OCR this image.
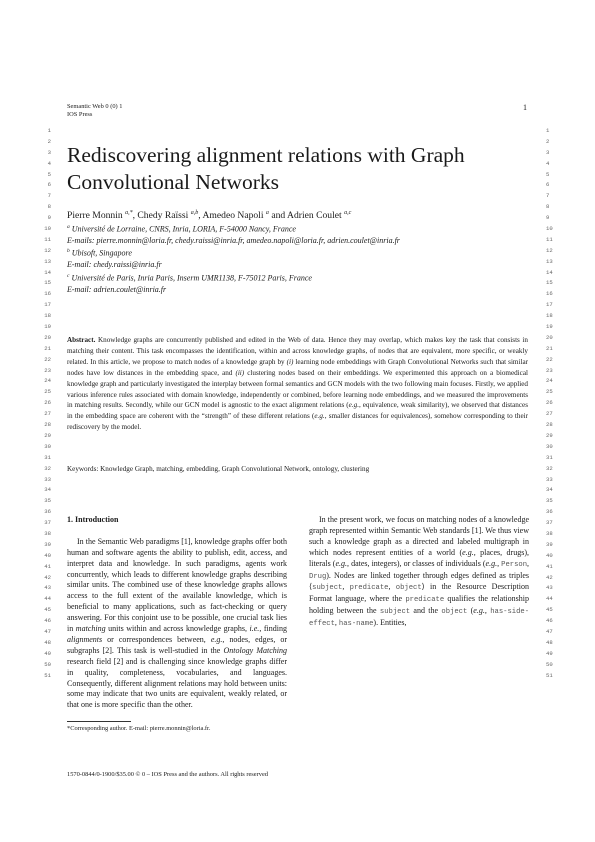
Semantic Web 0 (0) 1
IOS Press
1
1
2
3
4
5
6
7
8
9
10
11
12
13
14
15
16
17
18
19
20
21
22
23
24
25
26
27
28
29
30
31
32
33
34
35
36
37
38
39
40
41
42
43
44
45
46
47
48
49
50
51
1
2
3
4
5
6
7
8
9
10
11
12
13
14
15
16
17
18
19
20
21
22
23
24
25
26
27
28
29
30
31
32
33
34
35
36
37
38
39
40
41
42
43
44
45
46
47
48
49
50
51
Rediscovering alignment relations with Graph Convolutional Networks
Pierre Monnin $^{a,*}$, Chedy Raïssi $^{a,b}$, Amedeo Napoli $^a$ and Adrien Coulet $^{a,c}$
$^a$ Université de Lorraine, CNRS, Inria, LORIA, F-54000 Nancy, France
E-mails: pierre.monnin@loria.fr, chedy.raissi@inria.fr, amedeo.napoli@loria.fr, adrien.coulet@inria.fr
$^b$ Ubisoft, Singapore
E-mail: chedy.raissi@inria.fr
$^c$ Université de Paris, Inria Paris, Inserm UMR1138, F-75012 Paris, France
E-mail: adrien.coulet@inria.fr
Abstract. Knowledge graphs are concurrently published and edited in the Web of data. Hence they may overlap, which makes key the task that consists in matching their content. This task encompasses the identification, within and across knowledge graphs, of nodes that are equivalent, more specific, or weakly related. In this article, we propose to match nodes of a knowledge graph by (i) learning node embeddings with Graph Convolutional Networks such that similar nodes have low distances in the embedding space, and (ii) clustering nodes based on their embeddings. We experimented this approach on a biomedical knowledge graph and particularly investigated the interplay between formal semantics and GCN models with the two following main focuses. Firstly, we applied various inference rules associated with domain knowledge, independently or combined, before learning node embeddings, and we measured the improvements in matching results. Secondly, while our GCN model is agnostic to the exact alignment relations (e.g., equivalence, weak similarity), we observed that distances in the embedding space are coherent with the “strength” of these different relations (e.g., smaller distances for equivalences), somehow corresponding to their rediscovery by the model.
Keywords: Knowledge Graph, matching, embedding, Graph Convolutional Network, ontology, clustering

1. Introduction

In the Semantic Web paradigms [1], knowledge graphs offer both human and software agents the ability to publish, edit, access, and interpret data and knowledge. In such paradigms, agents work concurrently, which leads to different knowledge graphs describing similar units. The combined use of these knowledge graphs allows access to the full extent of the available knowledge, which is beneficial to many applications, such as fact-checking or query answering. For this conjoint use to be possible, one crucial task lies in matching units within and across knowledge graphs, i.e., finding alignments or correspondences between, e.g., nodes, edges, or subgraphs [2]. This task is well-studied in the Ontology Matching research field [2] and is challenging since knowledge graphs differ in quality, completeness, vocabularies, and languages. Consequently, different alignment relations may hold between units: some may indicate that two units are equivalent, weakly related, or that one is more specific than the other.

In the present work, we focus on matching nodes of a knowledge graph represented within Semantic Web standards [1]. We thus view such a knowledge graph as a directed and labeled multigraph in which nodes represent entities of a world (e.g., places, drugs), literals (e.g., dates, integers), or classes of individuals (e.g., Person, Drug). Nodes are linked together through edges defined as triples ⟨subject, predicate, object⟩ in the Resource Description Format language, where the predicate qualifies the relationship holding between the subject and the object (e.g., has-side-effect, has-name). Entities,

*Corresponding author. E-mail: pierre.monnin@loria.fr.
1570-0844/0-1900/$35.00 © 0 – IOS Press and the authors. All rights reserved
